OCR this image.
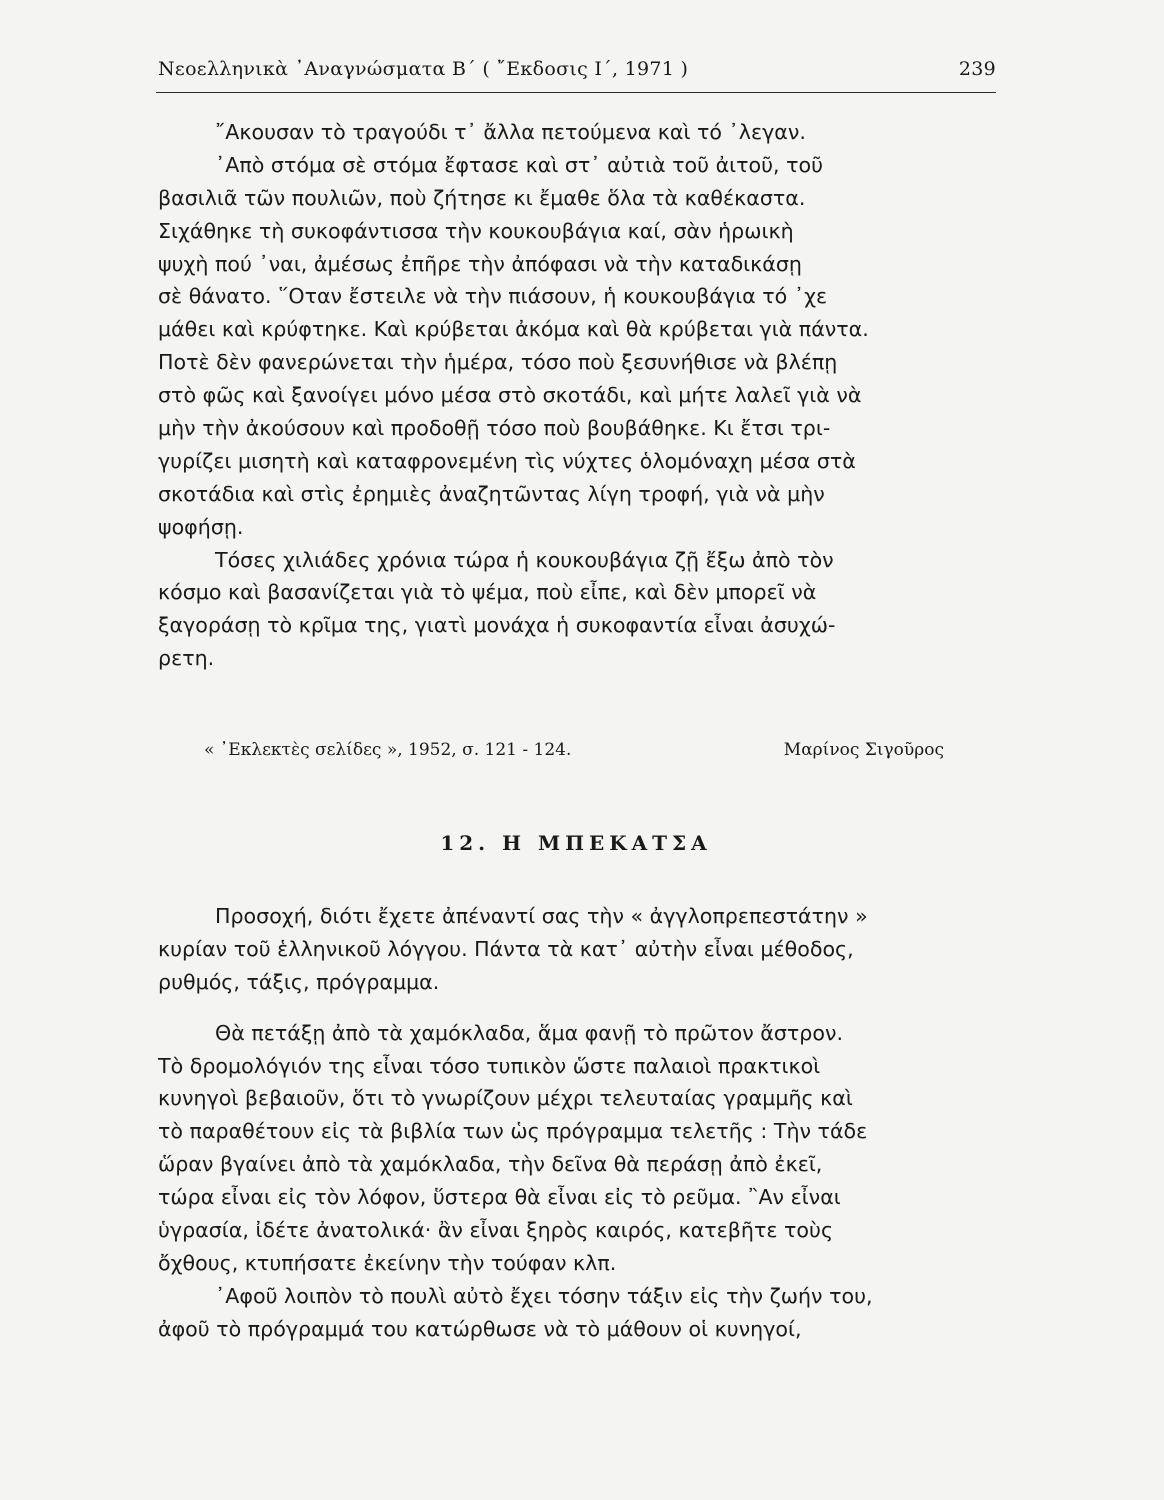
Νεοελληνικὰ ᾿Αναγνώσματα Β΄ ( ῎Εκδοσις Ι΄, 1971 )	239
῎Ακουσαν τὸ τραγούδι τ᾿ ἄλλα πετούμενα καὶ τό ᾿λεγαν.
᾿Απὸ στόμα σὲ στόμα ἔφτασε καὶ στ᾿ αὐτιὰ τοῦ ἀιτοῦ, τοῦ
βασιλιᾶ τῶν πουλιῶν, ποὺ ζήτησε κι ἔμαθε ὅλα τὰ καθέκαστα.
Σιχάθηκε τὴ συκοφάντισσα τὴν κουκουβάγια καί, σὰν ἡρωικὴ
ψυχὴ πού ᾿ναι, ἀμέσως ἐπῆρε τὴν ἀπόφασι νὰ τὴν καταδικάσῃ
σὲ θάνατο. ῞Οταν ἔστειλε νὰ τὴν πιάσουν, ἡ κουκουβάγια τό ᾿χε
μάθει καὶ κρύφτηκε. Καὶ κρύβεται ἀκόμα καὶ θὰ κρύβεται γιὰ πάντα.
Ποτὲ δὲν φανερώνεται τὴν ἡμέρα, τόσο ποὺ ξεσυνήθισε νὰ βλέπῃ
στὸ φῶς καὶ ξανοίγει μόνο μέσα στὸ σκοτάδι, καὶ μήτε λαλεῖ γιὰ νὰ
μὴν τὴν ἀκούσουν καὶ προδοθῇ τόσο ποὺ βουβάθηκε. Κι ἔτσι τρι-
γυρίζει μισητὴ καὶ καταφρονεμένη τὶς νύχτες ὁλομόναχη μέσα στὰ
σκοτάδια καὶ στὶς ἐρημιὲς ἀναζητῶντας λίγη τροφή, γιὰ νὰ μὴν
ψοφήσῃ.
Τόσες χιλιάδες χρόνια τώρα ἡ κουκουβάγια ζῇ ἔξω ἀπὸ τὸν
κόσμο καὶ βασανίζεται γιὰ τὸ ψέμα, ποὺ εἶπε, καὶ δὲν μπορεῖ νὰ
ξαγοράσῃ τὸ κρῖμα της, γιατὶ μονάχα ἡ συκοφαντία εἶναι ἀσυχώ-
ρετη.
« ᾿Εκλεκτὲς σελίδες », 1952, σ. 121 - 124.	Μαρίνος Σιγοῦρος
12. Η ΜΠΕΚΑΤΣΑ
Προσοχή, διότι ἔχετε ἀπέναντί σας τὴν « ἀγγλοπρεπεστάτην »
κυρίαν τοῦ ἑλληνικοῦ λόγγου. Πάντα τὰ κατ᾿ αὐτὴν εἶναι μέθοδος,
ρυθμός, τάξις, πρόγραμμα.
Θὰ πετάξῃ ἀπὸ τὰ χαμόκλαδα, ἅμα φανῇ τὸ πρῶτον ἄστρον.
Τὸ δρομολόγιόν της εἶναι τόσο τυπικὸν ὥστε παλαιοὶ πρακτικοὶ
κυνηγοὶ βεβαιοῦν, ὅτι τὸ γνωρίζουν μέχρι τελευταίας γραμμῆς καὶ
τὸ παραθέτουν εἰς τὰ βιβλία των ὡς πρόγραμμα τελετῆς : Τὴν τάδε
ὥραν βγαίνει ἀπὸ τὰ χαμόκλαδα, τὴν δεῖνα θὰ περάσῃ ἀπὸ ἐκεῖ,
τώρα εἶναι εἰς τὸν λόφον, ὕστερα θὰ εἶναι εἰς τὸ ρεῦμα. ῍Αν εἶναι
ὑγρασία, ἰδέτε ἀνατολικά· ἂν εἶναι ξηρὸς καιρός, κατεβῆτε τοὺς
ὄχθους, κτυπήσατε ἐκείνην τὴν τούφαν κλπ.
᾿Αφοῦ λοιπὸν τὸ πουλὶ αὐτὸ ἔχει τόσην τάξιν εἰς τὴν ζωήν του,
ἀφοῦ τὸ πρόγραμμά του κατώρθωσε νὰ τὸ μάθουν οἱ κυνηγοί,
